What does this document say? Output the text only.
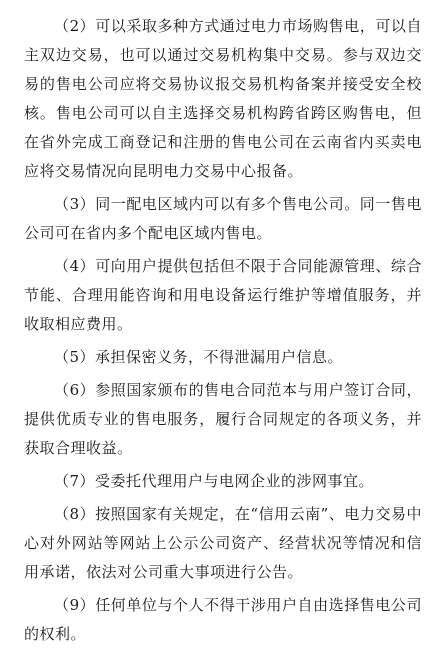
（2）可以采取多种方式通过电力市场购售电，可以自主双边交易，也可以通过交易机构集中交易。参与双边交易的售电公司应将交易协议报交易机构备案并接受安全校核。售电公司可以自主选择交易机构跨省跨区购售电，但在省外完成工商登记和注册的售电公司在云南省内买卖电应将交易情况向昆明电力交易中心报备。

（3）同一配电区域内可以有多个售电公司。同一售电公司可在省内多个配电区域内售电。

（4）可向用户提供包括但不限于合同能源管理、综合节能、合理用能咨询和用电设备运行维护等增值服务，并收取相应费用。

（5）承担保密义务，不得泄漏用户信息。

（6）参照国家颁布的售电合同范本与用户签订合同，提供优质专业的售电服务，履行合同规定的各项义务，并获取合理收益。

（7）受委托代理用户与电网企业的涉网事宜。

（8）按照国家有关规定，在“信用云南”、电力交易中心对外网站等网站上公示公司资产、经营状况等情况和信用承诺，依法对公司重大事项进行公告。

（9）任何单位与个人不得干涉用户自由选择售电公司的权利。
